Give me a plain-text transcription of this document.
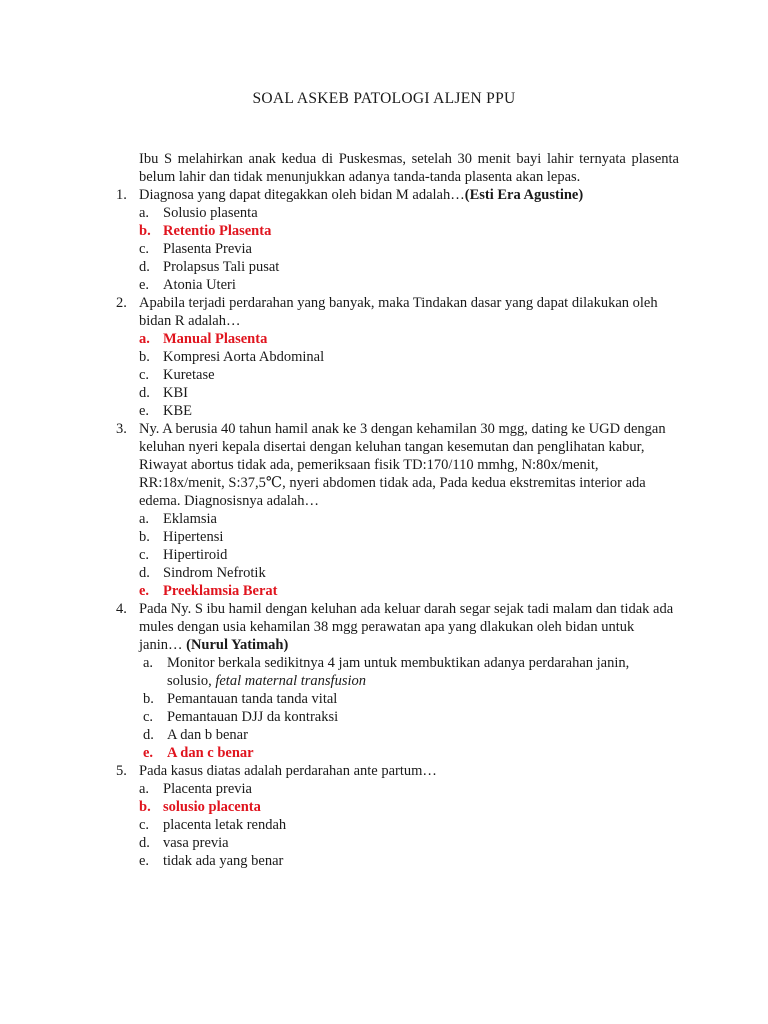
SOAL ASKEB PATOLOGI ALJEN PPU
Ibu S melahirkan anak kedua di Puskesmas, setelah 30 menit bayi lahir ternyata plasenta belum lahir dan tidak menunjukkan adanya tanda-tanda plasenta akan lepas.
1. Diagnosa yang dapat ditegakkan oleh bidan M adalah…(Esti Era Agustine)
a. Solusio plasenta
b. Retentio Plasenta
c. Plasenta Previa
d. Prolapsus Tali pusat
e. Atonia Uteri
2. Apabila terjadi perdarahan yang banyak, maka Tindakan dasar yang dapat dilakukan oleh bidan R adalah…
a. Manual Plasenta
b. Kompresi Aorta Abdominal
c. Kuretase
d. KBI
e. KBE
3. Ny. A berusia 40 tahun hamil anak ke 3 dengan kehamilan 30 mgg, dating ke UGD dengan keluhan nyeri kepala disertai dengan keluhan tangan kesemutan dan penglihatan kabur, Riwayat abortus tidak ada, pemeriksaan fisik TD:170/110 mmhg, N:80x/menit, RR:18x/menit, S:37,5℃, nyeri abdomen tidak ada, Pada kedua ekstremitas interior ada edema. Diagnosisnya adalah…
a. Eklamsia
b. Hipertensi
c. Hipertiroid
d. Sindrom Nefrotik
e. Preeklamsia Berat
4. Pada Ny. S ibu hamil dengan keluhan ada keluar darah segar sejak tadi malam dan tidak ada mules dengan usia kehamilan 38 mgg perawatan apa yang dlakukan oleh bidan untuk janin… (Nurul Yatimah)
a. Monitor berkala sedikitnya 4 jam untuk membuktikan adanya perdarahan janin, solusio, fetal maternal transfusion
b. Pemantauan tanda tanda vital
c. Pemantauan DJJ da kontraksi
d. A dan b benar
e. A dan c benar
5. Pada kasus diatas adalah perdarahan ante partum…
a. Placenta previa
b. solusio placenta
c. placenta letak rendah
d. vasa previa
e. tidak ada yang benar
